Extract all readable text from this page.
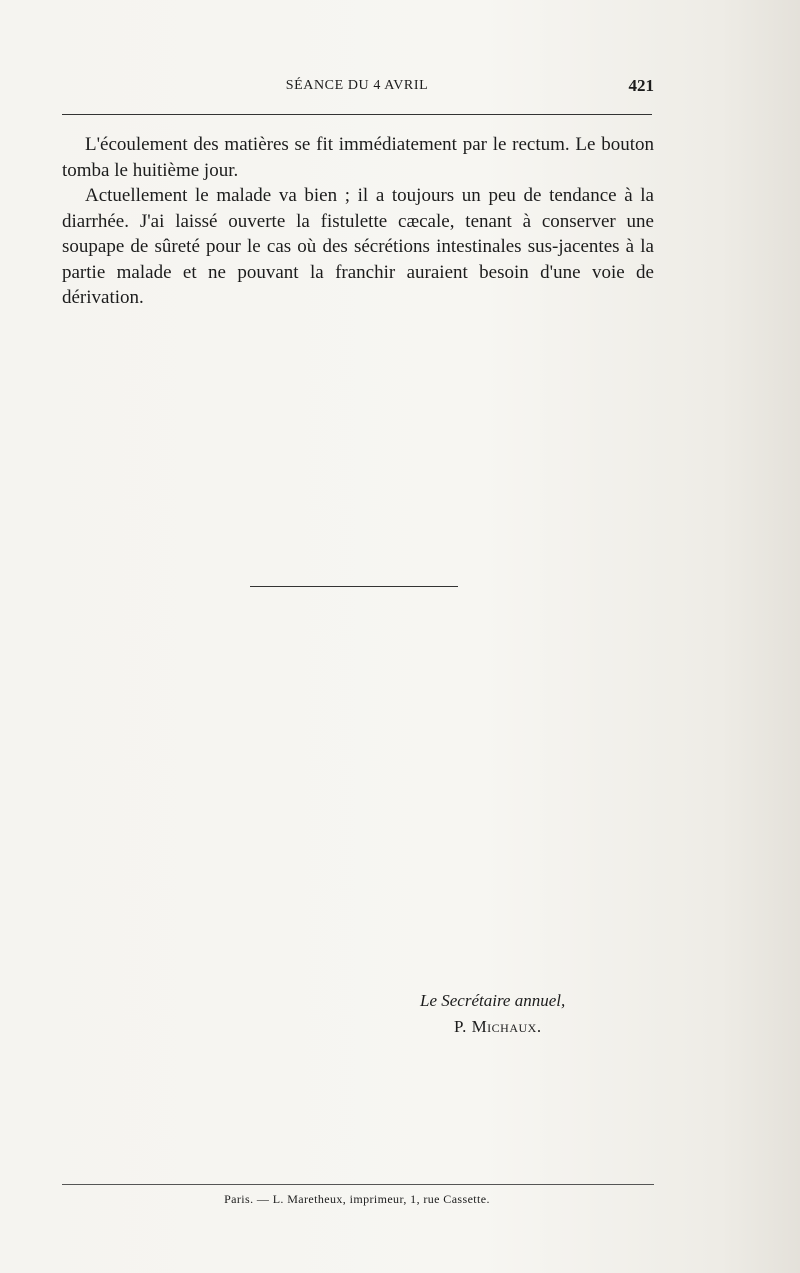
SÉANCE DU 4 AVRIL	421

L'écoulement des matières se fit immédiatement par le rectum. Le bouton tomba le huitième jour.

Actuellement le malade va bien ; il a toujours un peu de tendance à la diarrhée. J'ai laissé ouverte la fistulette cæcale, tenant à conserver une soupape de sûreté pour le cas où des sécrétions intestinales sus-jacentes à la partie malade et ne pouvant la franchir auraient besoin d'une voie de dérivation.

Le Secrétaire annuel,
P. Michaux.
Paris. — L. Maretheux, imprimeur, 1, rue Cassette.
